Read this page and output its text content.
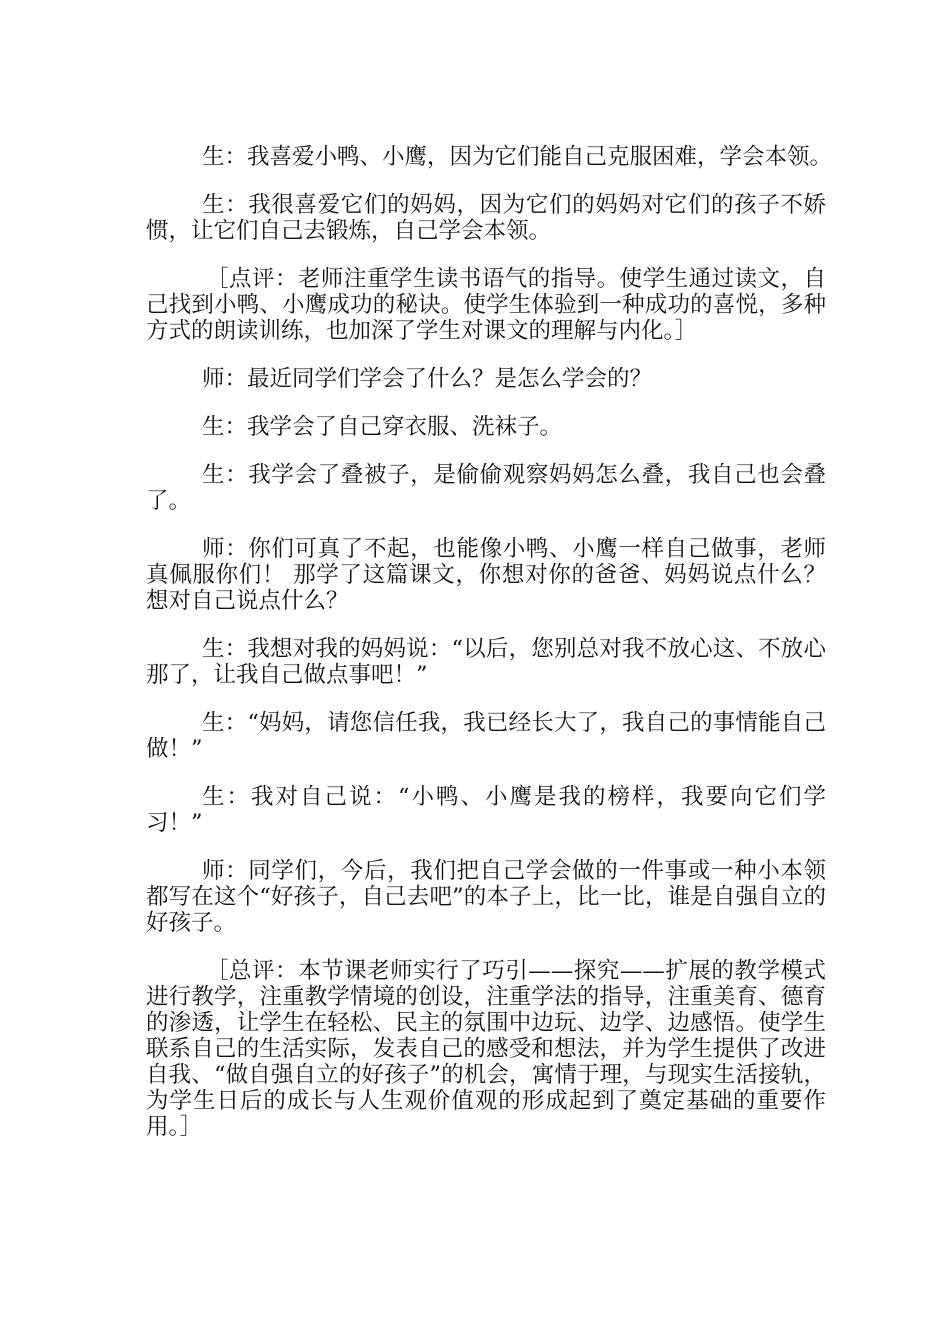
生：我喜爱小鸭、小鹰，因为它们能自己克服困难，学会本领。

生：我很喜爱它们的妈妈，因为它们的妈妈对它们的孩子不娇惯，让它们自己去锻炼，自己学会本领。

［点评：老师注重学生读书语气的指导。使学生通过读文，自己找到小鸭、小鹰成功的秘诀。使学生体验到一种成功的喜悦，多种方式的朗读训练，也加深了学生对课文的理解与内化。］

师：最近同学们学会了什么？是怎么学会的？

生：我学会了自己穿衣服、洗袜子。

生：我学会了叠被子，是偷偷观察妈妈怎么叠，我自己也会叠了。

师：你们可真了不起，也能像小鸭、小鹰一样自己做事，老师真佩服你们！ 那学了这篇课文，你想对你的爸爸、妈妈说点什么？想对自己说点什么？

生：我想对我的妈妈说：“以后，您别总对我不放心这、不放心那了，让我自己做点事吧！”

生：“妈妈，请您信任我，我已经长大了，我自己的事情能自己做！”

生：我对自己说：“小鸭、小鹰是我的榜样，我要向它们学习！”

师：同学们，今后，我们把自己学会做的一件事或一种小本领都写在这个“好孩子，自己去吧”的本子上，比一比，谁是自强自立的好孩子。

［总评：本节课老师实行了巧引——探究——扩展的教学模式进行教学，注重教学情境的创设，注重学法的指导，注重美育、德育的渗透，让学生在轻松、民主的氛围中边玩、边学、边感悟。使学生联系自己的生活实际，发表自己的感受和想法，并为学生提供了改进自我、“做自强自立的好孩子”的机会，寓情于理，与现实生活接轨，为学生日后的成长与人生观价值观的形成起到了奠定基础的重要作用。］
